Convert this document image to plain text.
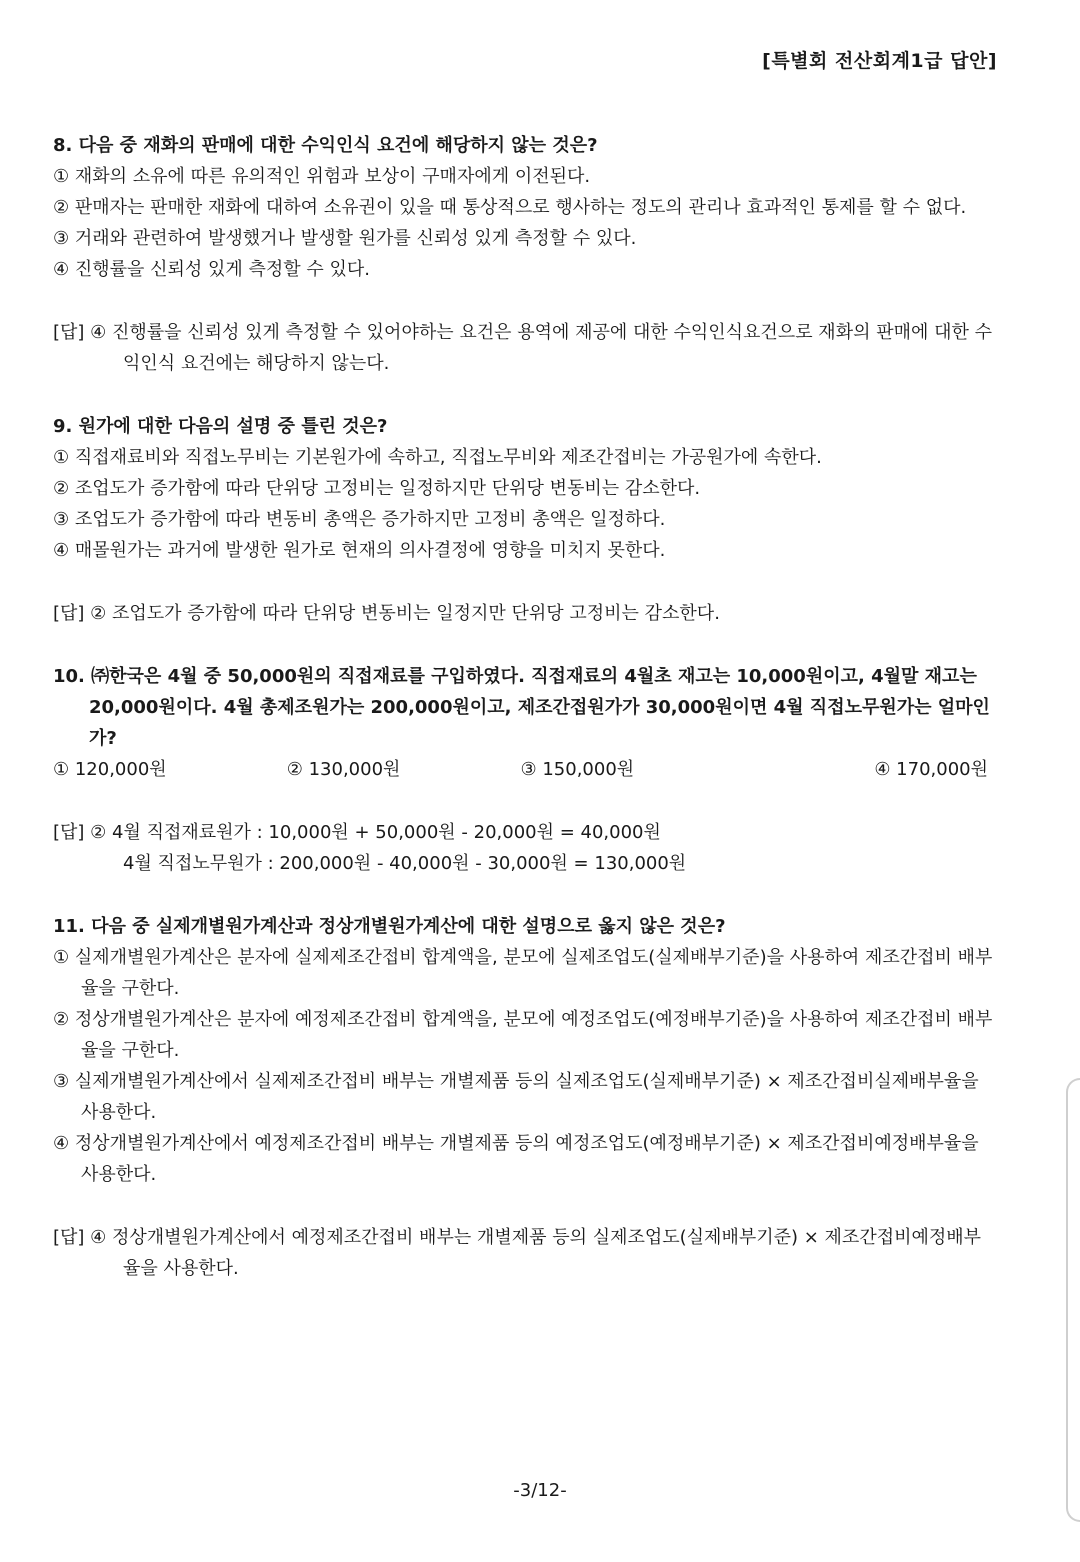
[특별회 전산회계1급 답안]

8. 다음 중 재화의 판매에 대한 수익인식 요건에 해당하지 않는 것은?

① 재화의 소유에 따른 유의적인 위험과 보상이 구매자에게 이전된다.

② 판매자는 판매한 재화에 대하여 소유권이 있을 때 통상적으로 행사하는 정도의 관리나 효과적인 통제를 할 수 없다.

③ 거래와 관련하여 발생했거나 발생할 원가를 신뢰성 있게 측정할 수 있다.

④ 진행률을 신뢰성 있게 측정할 수 있다.

[답] ④ 진행률을 신뢰성 있게 측정할 수 있어야하는 요건은 용역에 제공에 대한 수익인식요건으로 재화의 판매에 대한 수익인식 요건에는 해당하지 않는다.

9. 원가에 대한 다음의 설명 중 틀린 것은?

① 직접재료비와 직접노무비는 기본원가에 속하고, 직접노무비와 제조간접비는 가공원가에 속한다.

② 조업도가 증가함에 따라 단위당 고정비는 일정하지만 단위당 변동비는 감소한다.

③ 조업도가 증가함에 따라 변동비 총액은 증가하지만 고정비 총액은 일정하다.

④ 매몰원가는 과거에 발생한 원가로 현재의 의사결정에 영향을 미치지 못한다.

[답] ② 조업도가 증가함에 따라 단위당 변동비는 일정지만 단위당 고정비는 감소한다.

10. ㈜한국은 4월 중 50,000원의 직접재료를 구입하였다. 직접재료의 4월초 재고는 10,000원이고, 4월말 재고는 20,000원이다. 4월 총제조원가는 200,000원이고, 제조간접원가가 30,000원이면 4월 직접노무원가는 얼마인가?

① 120,000원	② 130,000원	③ 150,000원	④ 170,000원

[답] ② 4월 직접재료원가 : 10,000원 + 50,000원 - 20,000원 = 40,000원

4월 직접노무원가 : 200,000원 - 40,000원 - 30,000원 = 130,000원

11. 다음 중 실제개별원가계산과 정상개별원가계산에 대한 설명으로 옳지 않은 것은?

① 실제개별원가계산은 분자에 실제제조간접비 합계액을, 분모에 실제조업도(실제배부기준)을 사용하여 제조간접비 배부율을 구한다.

② 정상개별원가계산은 분자에 예정제조간접비 합계액을, 분모에 예정조업도(예정배부기준)을 사용하여 제조간접비 배부율을 구한다.

③ 실제개별원가계산에서 실제제조간접비 배부는 개별제품 등의 실제조업도(실제배부기준) × 제조간접비실제배부율을 사용한다.

④ 정상개별원가계산에서 예정제조간접비 배부는 개별제품 등의 예정조업도(예정배부기준) × 제조간접비예정배부율을 사용한다.

[답] ④ 정상개별원가계산에서 예정제조간접비 배부는 개별제품 등의 실제조업도(실제배부기준) × 제조간접비예정배부율을 사용한다.

-3/12-
